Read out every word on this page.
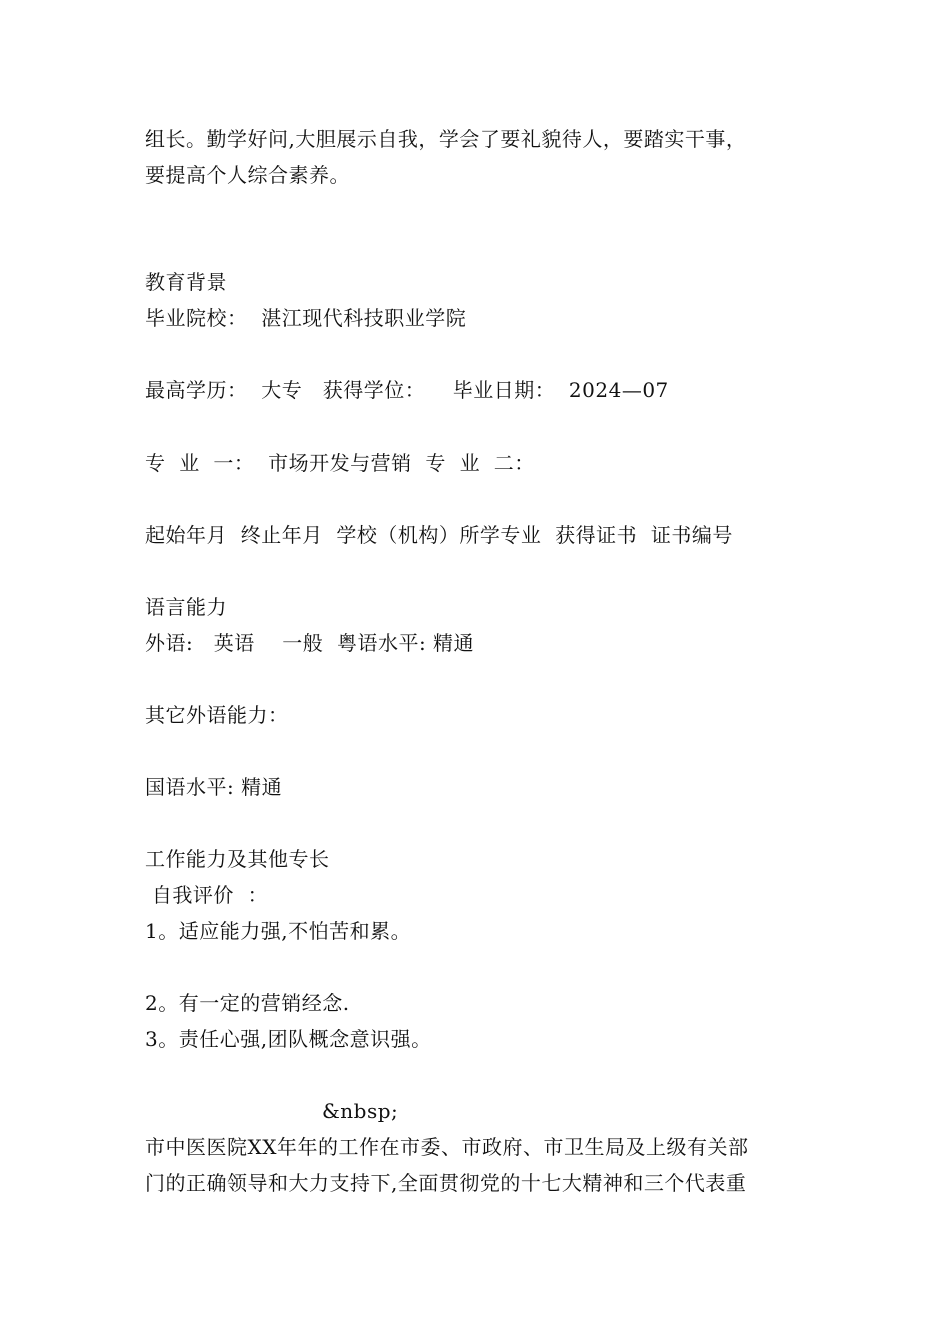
组长。勤学好问,大胆展示自我，学会了要礼貌待人，要踏实干事，
要提高个人综合素养。
教育背景
毕业院校：  湛江现代科技职业学院
最高学历：  大专   获得学位：    毕业日期：  2024—07
专  业  一：  市场开发与营销  专  业  二：
起始年月  终止年月  学校（机构）所学专业  获得证书  证书编号
语言能力
外语:   英语    一般  粤语水平: 精通
其它外语能力：
国语水平: 精通
工作能力及其他专长
自我评价  ：
1。适应能力强,不怕苦和累。
2。有一定的营销经念.
3。责任心强,团队概念意识强。
&nbsp;
市中医医院XX年年的工作在市委、市政府、市卫生局及上级有关部
门的正确领导和大力支持下,全面贯彻党的十七大精神和三个代表重
